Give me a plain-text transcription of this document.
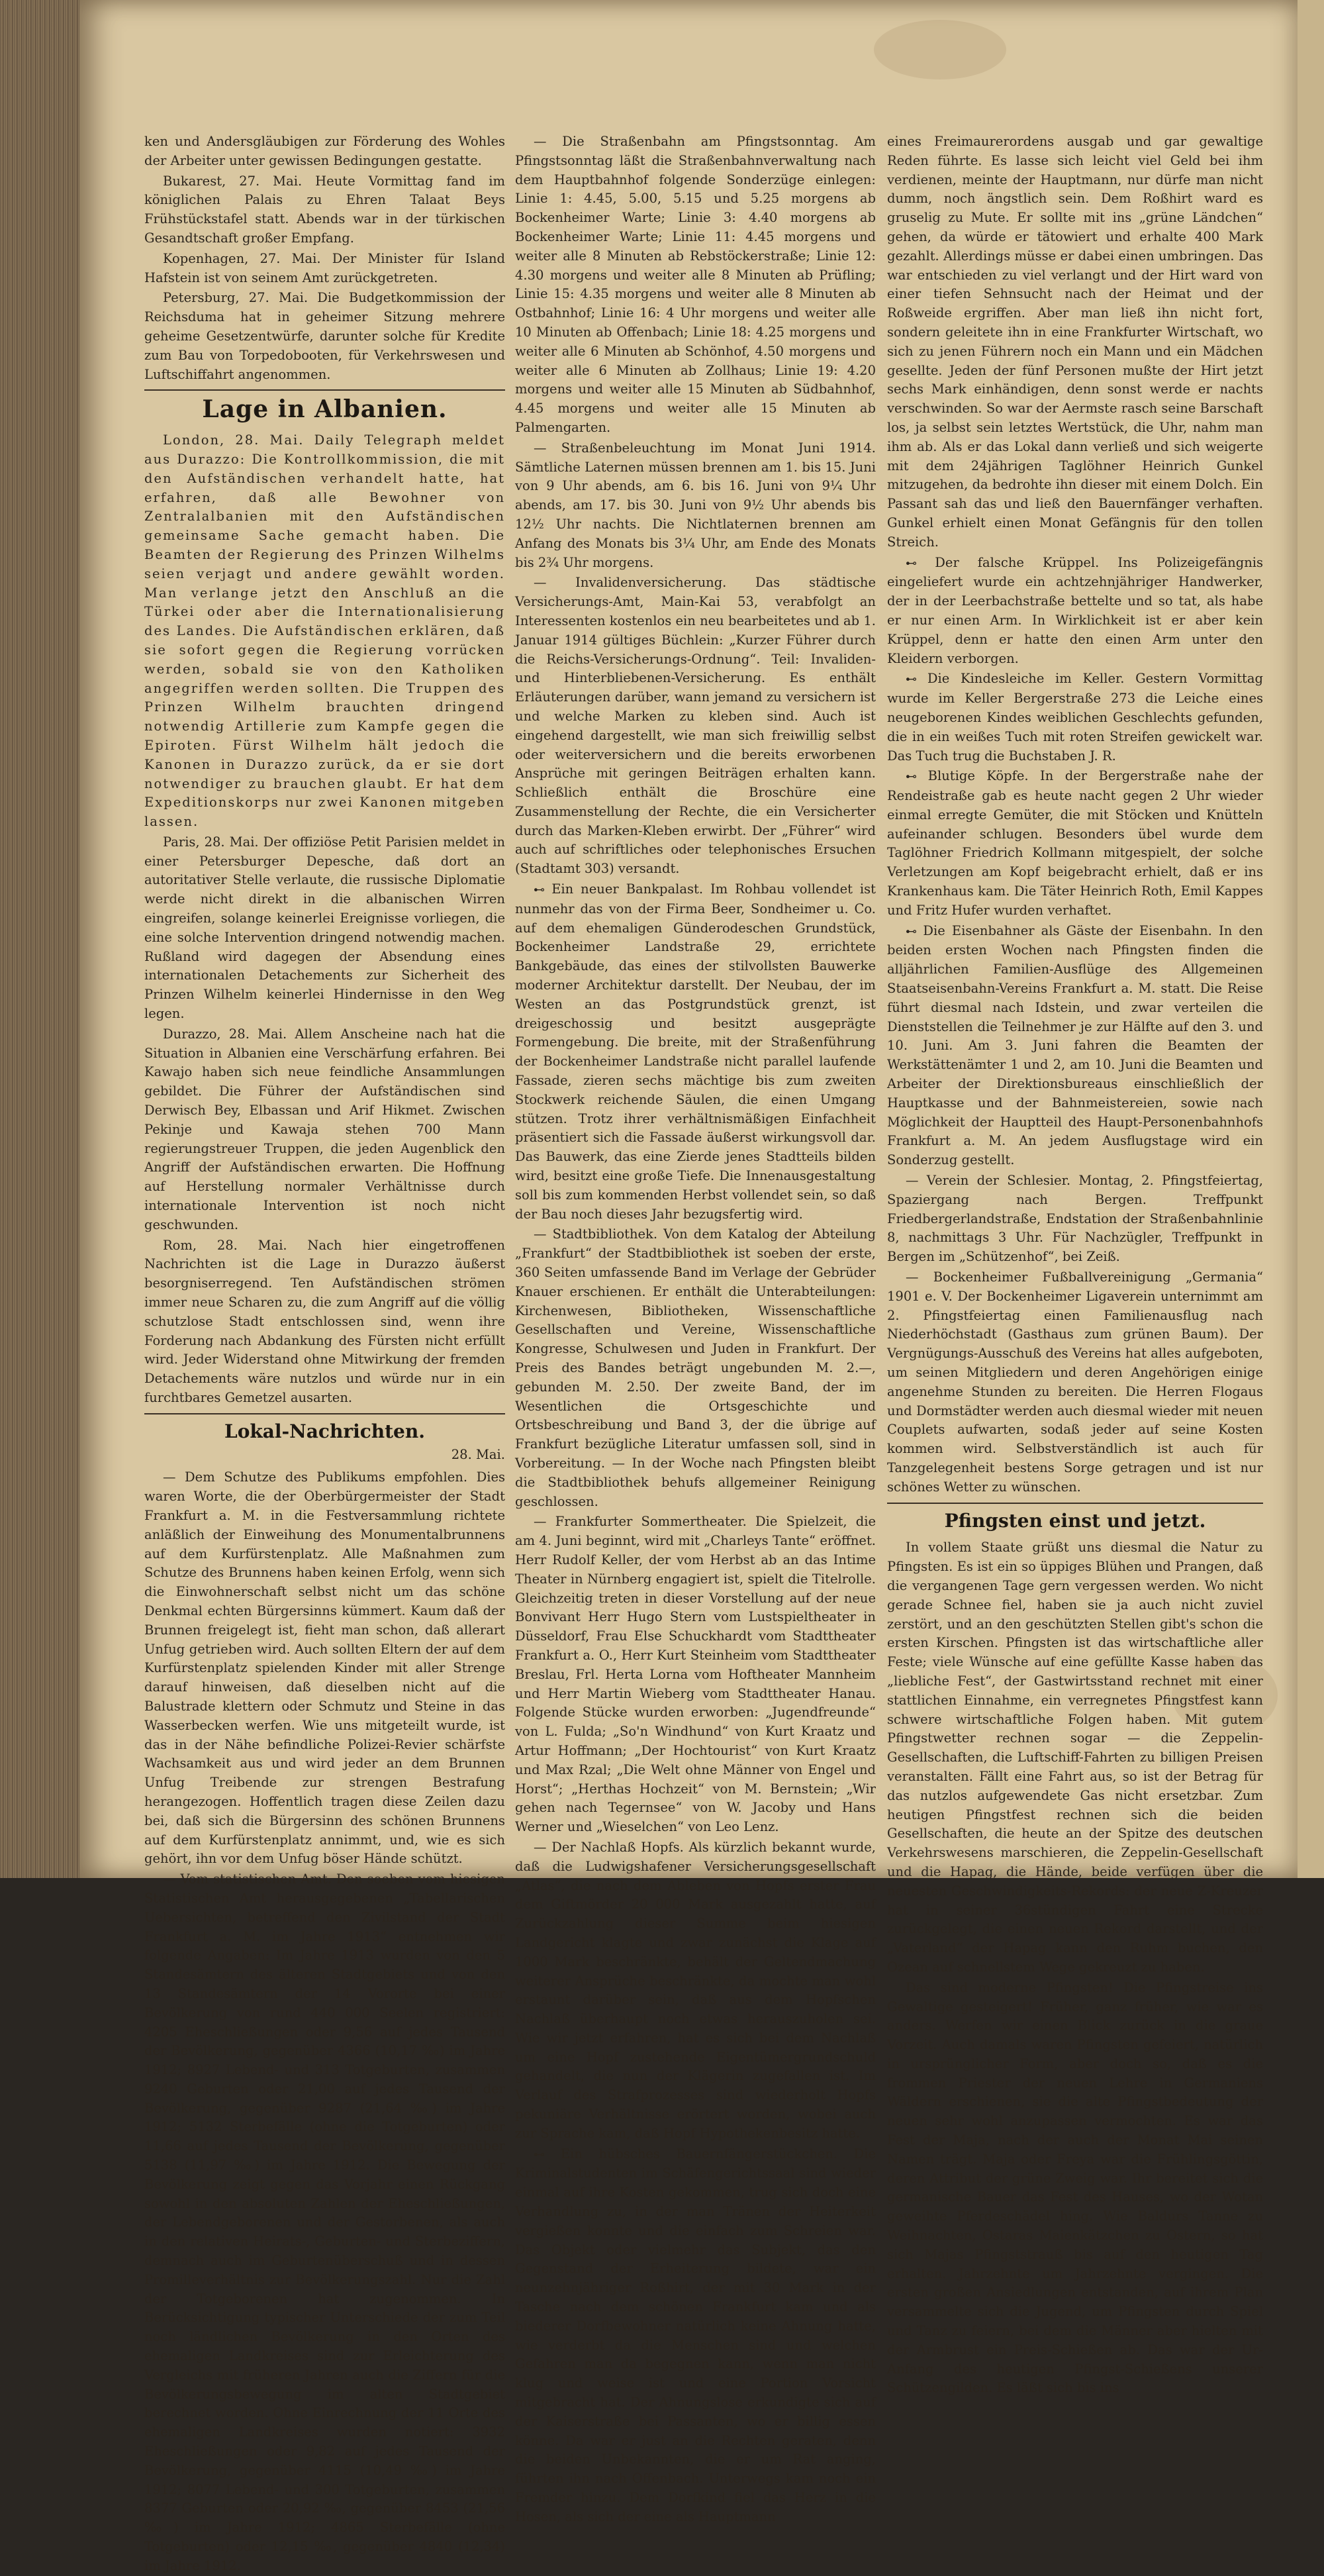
ken und Andersgläubigen zur Förderung des Wohles der Arbeiter unter gewissen Bedingungen gestatte.

Bukarest, 27. Mai. Heute Vormittag fand im königlichen Palais zu Ehren Talaat Beys Frühstückstafel statt. Abends war in der türkischen Gesandtschaft großer Empfang.

Kopenhagen, 27. Mai. Der Minister für Island Hafstein ist von seinem Amt zurückgetreten.

Petersburg, 27. Mai. Die Budgetkommission der Reichsduma hat in geheimer Sitzung mehrere geheime Gesetzentwürfe, darunter solche für Kredite zum Bau von Torpedobooten, für Verkehrswesen und Luftschiffahrt angenommen.

Lage in Albanien.

London, 28. Mai. Daily Telegraph meldet aus Durazzo: Die Kontrollkommission, die mit den Aufständischen verhandelt hatte, hat erfahren, daß alle Bewohner von Zentralalbanien mit den Aufständischen gemeinsame Sache gemacht haben. Die Beamten der Regierung des Prinzen Wilhelms seien verjagt und andere gewählt worden. Man verlange jetzt den Anschluß an die Türkei oder aber die Internationalisierung des Landes. Die Aufständischen erklären, daß sie sofort gegen die Regierung vorrücken werden, sobald sie von den Katholiken angegriffen werden sollten. Die Truppen des Prinzen Wilhelm brauchten dringend notwendig Artillerie zum Kampfe gegen die Epiroten. Fürst Wilhelm hält jedoch die Kanonen in Durazzo zurück, da er sie dort notwendiger zu brauchen glaubt. Er hat dem Expeditionskorps nur zwei Kanonen mitgeben lassen.

Paris, 28. Mai. Der offiziöse Petit Parisien meldet in einer Petersburger Depesche, daß dort an autoritativer Stelle verlaute, die russische Diplomatie werde nicht direkt in die albanischen Wirren eingreifen, solange keinerlei Ereignisse vorliegen, die eine solche Intervention dringend notwendig machen. Rußland wird dagegen der Absendung eines internationalen Detachements zur Sicherheit des Prinzen Wilhelm keinerlei Hindernisse in den Weg legen.

Durazzo, 28. Mai. Allem Anscheine nach hat die Situation in Albanien eine Verschärfung erfahren. Bei Kawajo haben sich neue feindliche Ansammlungen gebildet. Die Führer der Aufständischen sind Derwisch Bey, Elbassan und Arif Hikmet. Zwischen Pekinje und Kawaja stehen 700 Mann regierungstreuer Truppen, die jeden Augenblick den Angriff der Aufständischen erwarten. Die Hoffnung auf Herstellung normaler Verhältnisse durch internationale Intervention ist noch nicht geschwunden.

Rom, 28. Mai. Nach hier eingetroffenen Nachrichten ist die Lage in Durazzo äußerst besorgniserregend. Ten Aufständischen strömen immer neue Scharen zu, die zum Angriff auf die völlig schutzlose Stadt entschlossen sind, wenn ihre Forderung nach Abdankung des Fürsten nicht erfüllt wird. Jeder Widerstand ohne Mitwirkung der fremden Detachements wäre nutzlos und würde nur in ein furchtbares Gemetzel ausarten.

Lokal-Nachrichten.
28. Mai.

— Dem Schutze des Publikums empfohlen. Dies waren Worte, die der Oberbürgermeister der Stadt Frankfurt a. M. in die Festversammlung richtete anläßlich der Einweihung des Monumentalbrunnens auf dem Kurfürstenplatz. Alle Maßnahmen zum Schutze des Brunnens haben keinen Erfolg, wenn sich die Einwohnerschaft selbst nicht um das schöne Denkmal echten Bürgersinns kümmert. Kaum daß der Brunnen freigelegt ist, fieht man schon, daß allerart Unfug getrieben wird. Auch sollten Eltern der auf dem Kurfürstenplatz spielenden Kinder mit aller Strenge darauf hinweisen, daß dieselben nicht auf die Balustrade klettern oder Schmutz und Steine in das Wasserbecken werfen. Wie uns mitgeteilt wurde, ist das in der Nähe befindliche Polizei-Revier schärfste Wachsamkeit aus und wird jeder an dem Brunnen Unfug Treibende zur strengen Bestrafung herangezogen. Hoffentlich tragen diese Zeilen dazu bei, daß sich die Bürgersinn des schönen Brunnens auf dem Kurfürstenplatz annimmt, und, wie es sich gehört, ihn vor dem Unfug böser Hände schützt.

— Vom statistischen Amt. Den soeben vom hiesigen Statistischen Amt herausgegebenen „Tabellarischen Uebersichten, betreffend den Zivilstand der Stadt Frankfurt a. M. im Jahre 1913“ entnehmen wir folgende Angaben: Im Jahre 1913 wurden von den 5 Standesämtern des älteren Stadtgebiets und von den 13 Standesämtern der 14 Vororte bei einer Bevölkerung von rund 440 000 Seelen registriert: 4205 Eheschließungen oder 9,56 auf jedes Tausend der Bevölkerung, gegenüber 4366 (10,17 ‰) im Jahre 1912; 8927 Lebend- und 313 Totgeburten, zusammen 9240 Geburten oder 21,00 auf jedes Tausend der Bevölkerung, gegenüber 9287 (21,64 ‰) im Jahre 1912; 5132 Sterbefälle (ohne die Totgeburten) oder 11,66 auf jedes Tausend der Bevölkerung, gegenüber 5138 (11,97 ‰) im Jahre 1912. Die Bewegung der Bevölkerung zeigt gegen das Vorjahr einen Rückgang sowohl in den absoluten Zahlen der Eheschließungen, der Lebendgeborenen und der Gestorbenen, als auch in den relativen Heirats-, Geburten- und Sterbeziffern, demnach auch im Geburtenüberschuß und in dessen Promilleverhältnis zur Bevölkerungszahl. Nur die Zahl der Totgeborenen hat zugenommen. In Berücksichtigung typischer Unterschiede der zum Teil noch ländlichen Bevölkerung in den Orten des ehemaligen Landkreises sind zur Erleichterung des Vergleichs mit früheren Jahren auch die Ziffern für die Bevölkerungsbewegung im alten Stadtgebiet berechnet worden. Ohne Einrechnung der 11 Orte des ehemaligen Landkreises wurden notiert: 3932 Eheschließungen oder 9,82 auf jedes Tausend der Bevölkerung, gegenüber 4115 (10,49 ‰) im Jahre 1912; 8077 Lebend- und 300 Totgeburten, zusammen 8377 Geburten oder 20,92 ‰, gegenüber 8453 (21,56 ‰) im Jahre 1912; 4865 Sterbefälle (ohne Totgeburten) oder 12,15 ‰, gegenüber 4840 (12,34) im Jahre 1912.

— Die Straßenbahn am Pfingstsonntag. Am Pfingstsonntag läßt die Straßenbahnverwaltung nach dem Hauptbahnhof folgende Sonderzüge einlegen: Linie 1: 4.45, 5.00, 5.15 und 5.25 morgens ab Bockenheimer Warte; Linie 3: 4.40 morgens ab Bockenheimer Warte; Linie 11: 4.45 morgens und weiter alle 8 Minuten ab Rebstöckerstraße; Linie 12: 4.30 morgens und weiter alle 8 Minuten ab Prüfling; Linie 15: 4.35 morgens und weiter alle 8 Minuten ab Ostbahnhof; Linie 16: 4 Uhr morgens und weiter alle 10 Minuten ab Offenbach; Linie 18: 4.25 morgens und weiter alle 6 Minuten ab Schönhof, 4.50 morgens und weiter alle 6 Minuten ab Zollhaus; Linie 19: 4.20 morgens und weiter alle 15 Minuten ab Südbahnhof, 4.45 morgens und weiter alle 15 Minuten ab Palmengarten.

— Straßenbeleuchtung im Monat Juni 1914. Sämtliche Laternen müssen brennen am 1. bis 15. Juni von 9 Uhr abends, am 6. bis 16. Juni von 9¼ Uhr abends, am 17. bis 30. Juni von 9½ Uhr abends bis 12½ Uhr nachts. Die Nichtlaternen brennen am Anfang des Monats bis 3¼ Uhr, am Ende des Monats bis 2¾ Uhr morgens.

— Invalidenversicherung. Das städtische Versicherungs-Amt, Main-Kai 53, verabfolgt an Interessenten kostenlos ein neu bearbeitetes und ab 1. Januar 1914 gültiges Büchlein: „Kurzer Führer durch die Reichs-Versicherungs-Ordnung“. Teil: Invaliden- und Hinterbliebenen-Versicherung. Es enthält Erläuterungen darüber, wann jemand zu versichern ist und welche Marken zu kleben sind. Auch ist eingehend dargestellt, wie man sich freiwillig selbst oder weiterversichern und die bereits erworbenen Ansprüche mit geringen Beiträgen erhalten kann. Schließlich enthält die Broschüre eine Zusammenstellung der Rechte, die ein Versicherter durch das Marken-Kleben erwirbt. Der „Führer“ wird auch auf schriftliches oder telephonisches Ersuchen (Stadtamt 303) versandt.

⊷ Ein neuer Bankpalast. Im Rohbau vollendet ist nunmehr das von der Firma Beer, Sondheimer u. Co. auf dem ehemaligen Günderodeschen Grundstück, Bockenheimer Landstraße 29, errichtete Bankgebäude, das eines der stilvollsten Bauwerke moderner Architektur darstellt. Der Neubau, der im Westen an das Postgrundstück grenzt, ist dreigeschossig und besitzt ausgeprägte Formengebung. Die breite, mit der Straßenführung der Bockenheimer Landstraße nicht parallel laufende Fassade, zieren sechs mächtige bis zum zweiten Stockwerk reichende Säulen, die einen Umgang stützen. Trotz ihrer verhältnismäßigen Einfachheit präsentiert sich die Fassade äußerst wirkungsvoll dar. Das Bauwerk, das eine Zierde jenes Stadtteils bilden wird, besitzt eine große Tiefe. Die Innenausgestaltung soll bis zum kommenden Herbst vollendet sein, so daß der Bau noch dieses Jahr bezugsfertig wird.

— Stadtbibliothek. Von dem Katalog der Abteilung „Frankfurt“ der Stadtbibliothek ist soeben der erste, 360 Seiten umfassende Band im Verlage der Gebrüder Knauer erschienen. Er enthält die Unterabteilungen: Kirchenwesen, Bibliotheken, Wissenschaftliche Gesellschaften und Vereine, Wissenschaftliche Kongresse, Schulwesen und Juden in Frankfurt. Der Preis des Bandes beträgt ungebunden M. 2.—, gebunden M. 2.50. Der zweite Band, der im Wesentlichen die Ortsgeschichte und Ortsbeschreibung und Band 3, der die übrige auf Frankfurt bezügliche Literatur umfassen soll, sind in Vorbereitung. — In der Woche nach Pfingsten bleibt die Stadtbibliothek behufs allgemeiner Reinigung geschlossen.

— Frankfurter Sommertheater. Die Spielzeit, die am 4. Juni beginnt, wird mit „Charleys Tante“ eröffnet. Herr Rudolf Keller, der vom Herbst ab an das Intime Theater in Nürnberg engagiert ist, spielt die Titelrolle. Gleichzeitig treten in dieser Vorstellung auf der neue Bonvivant Herr Hugo Stern vom Lustspieltheater in Düsseldorf, Frau Else Schuckhardt vom Stadttheater Frankfurt a. O., Herr Kurt Steinheim vom Stadttheater Breslau, Frl. Herta Lorna vom Hoftheater Mannheim und Herr Martin Wieberg vom Stadttheater Hanau. Folgende Stücke wurden erworben: „Jugendfreunde“ von L. Fulda; „So'n Windhund“ von Kurt Kraatz und Artur Hoffmann; „Der Hochtourist“ von Kurt Kraatz und Max Rzal; „Die Welt ohne Männer von Engel und Horst“; „Herthas Hochzeit“ von M. Bernstein; „Wir gehen nach Tegernsee“ von W. Jacoby und Hans Werner und „Wieselchen“ von Leo Lenz.

— Der Nachlaß Hopfs. Als kürzlich bekannt wurde, daß die Ludwigshafener Versicherungsgesellschaft „Atlas“, die nach dem Ableben von Hopfs erster Frau dem Giftmörder 20 000 Mark ausgezahlt hatte, auf Zurückzahlung dieser Summe beim hiesigen Landgericht klagte und zwar zunächst die Klage auf 1000 Mark beschränkte, behält der Geltendmachung weiterer Ansprüche beschränkte, da mochte man wohl erstaunt darüber sein, daß aus dem Hopfschen Nachlaß überhaupt noch etwas herauszuholen sei. Wie wir jetzt erfahren, hat es sich bei dem Nachlaß um eine Hopf zustehende Eigentümergrundschuld gehandelt, die nun der Klägerin zugefallen ist. Im Verlauf des Strafprozesses sind wiederholt Hopfs pekuniäre Verhältnisse erörtert worden, wobei auch zur Sprache kam, daß Hopf Hypothekenbesitz hatte.

⊷ Ein hübsches Bauernfängerstückchen. Die Kriminalstudenten im Schäfengerichtssaal sind wieder einmal auf ihre Kosten gekommen, trug sich doch eine Verhandlung zu, in der man Tränen der Heiterkeit vergießen konnte und die einfach zum Schreien war. Das Objekt oder vielmehr das Subjekt, das den Gegenstand der Erheiterung bildete, war ein neunzehnjähriger Roßhirt, der mit 30 Mark in der Tasche nach dem schönen Frankfurt kam und als biederer Dorfbewohner natürlich keine Ahnung hatte, wie verderbt da die Menschen sind und welchen Gefahren man da begegnen kann, wenn man nicht klug und weise ist und eine Portion Vorsicht mitgebracht hat. Der Ahnungslose erkundigte sich auf der Kaiserstraße bei Passanten, wo er billig essen könne. Da war er just an die Rechten geraten, denn die beiden Unbekannten, die er um Rat anging, führten ihn nach Offenbach. Unterwegs kam noch ein Fremder hinzu. Dem Dorfkind fiel das Herz in die Hosen, als sich der eine als Hauptmann

eines Freimaurerordens ausgab und gar gewaltige Reden führte. Es lasse sich leicht viel Geld bei ihm verdienen, meinte der Hauptmann, nur dürfe man nicht dumm, noch ängstlich sein. Dem Roßhirt ward es gruselig zu Mute. Er sollte mit ins „grüne Ländchen“ gehen, da würde er tätowiert und erhalte 400 Mark gezahlt. Allerdings müsse er dabei einen umbringen. Das war entschieden zu viel verlangt und der Hirt ward von einer tiefen Sehnsucht nach der Heimat und der Roßweide ergriffen. Aber man ließ ihn nicht fort, sondern geleitete ihn in eine Frankfurter Wirtschaft, wo sich zu jenen Führern noch ein Mann und ein Mädchen gesellte. Jeden der fünf Personen mußte der Hirt jetzt sechs Mark einhändigen, denn sonst werde er nachts verschwinden. So war der Aermste rasch seine Barschaft los, ja selbst sein letztes Wertstück, die Uhr, nahm man ihm ab. Als er das Lokal dann verließ und sich weigerte mit dem 24jährigen Taglöhner Heinrich Gunkel mitzugehen, da bedrohte ihn dieser mit einem Dolch. Ein Passant sah das und ließ den Bauernfänger verhaften. Gunkel erhielt einen Monat Gefängnis für den tollen Streich.

⊷ Der falsche Krüppel. Ins Polizeigefängnis eingeliefert wurde ein achtzehnjähriger Handwerker, der in der Leerbachstraße bettelte und so tat, als habe er nur einen Arm. In Wirklichkeit ist er aber kein Krüppel, denn er hatte den einen Arm unter den Kleidern verborgen.

⊷ Die Kindesleiche im Keller. Gestern Vormittag wurde im Keller Bergerstraße 273 die Leiche eines neugeborenen Kindes weiblichen Geschlechts gefunden, die in ein weißes Tuch mit roten Streifen gewickelt war. Das Tuch trug die Buchstaben J. R.

⊷ Blutige Köpfe. In der Bergerstraße nahe der Rendeistraße gab es heute nacht gegen 2 Uhr wieder einmal erregte Gemüter, die mit Stöcken und Knütteln aufeinander schlugen. Besonders übel wurde dem Taglöhner Friedrich Kollmann mitgespielt, der solche Verletzungen am Kopf beigebracht erhielt, daß er ins Krankenhaus kam. Die Täter Heinrich Roth, Emil Kappes und Fritz Hufer wurden verhaftet.

⊷ Die Eisenbahner als Gäste der Eisenbahn. In den beiden ersten Wochen nach Pfingsten finden die alljährlichen Familien-Ausflüge des Allgemeinen Staatseisenbahn-Vereins Frankfurt a. M. statt. Die Reise führt diesmal nach Idstein, und zwar verteilen die Dienststellen die Teilnehmer je zur Hälfte auf den 3. und 10. Juni. Am 3. Juni fahren die Beamten der Werkstättenämter 1 und 2, am 10. Juni die Beamten und Arbeiter der Direktionsbureaus einschließlich der Hauptkasse und der Bahnmeistereien, sowie nach Möglichkeit der Hauptteil des Haupt-Personenbahnhofs Frankfurt a. M. An jedem Ausflugstage wird ein Sonderzug gestellt.

— Verein der Schlesier. Montag, 2. Pfingstfeiertag, Spaziergang nach Bergen. Treffpunkt Friedbergerlandstraße, Endstation der Straßenbahnlinie 8, nachmittags 3 Uhr. Für Nachzügler, Treffpunkt in Bergen im „Schützenhof“, bei Zeiß.

— Bockenheimer Fußballvereinigung „Germania“ 1901 e. V. Der Bockenheimer Ligaverein unternimmt am 2. Pfingstfeiertag einen Familienausflug nach Niederhöchstadt (Gasthaus zum grünen Baum). Der Vergnügungs-Ausschuß des Vereins hat alles aufgeboten, um seinen Mitgliedern und deren Angehörigen einige angenehme Stunden zu bereiten. Die Herren Flogaus und Dormstädter werden auch diesmal wieder mit neuen Couplets aufwarten, sodaß jeder auf seine Kosten kommen wird. Selbstverständlich ist auch für Tanzgelegenheit bestens Sorge getragen und ist nur schönes Wetter zu wünschen.

Pfingsten einst und jetzt.

In vollem Staate grüßt uns diesmal die Natur zu Pfingsten. Es ist ein so üppiges Blühen und Prangen, daß die vergangenen Tage gern vergessen werden. Wo nicht gerade Schnee fiel, haben sie ja auch nicht zuviel zerstört, und an den geschützten Stellen gibt's schon die ersten Kirschen. Pfingsten ist das wirtschaftliche aller Feste; viele Wünsche auf eine gefüllte Kasse haben das „liebliche Fest“, der Gastwirtsstand rechnet mit einer stattlichen Einnahme, ein verregnetes Pfingstfest kann schwere wirtschaftliche Folgen haben. Mit gutem Pfingstwetter rechnen sogar — die Zeppelin-Gesellschaften, die Luftschiff-Fahrten zu billigen Preisen veranstalten. Fällt eine Fahrt aus, so ist der Betrag für das nutzlos aufgewendete Gas nicht ersetzbar. Zum heutigen Pfingstfest rechnen sich die beiden Gesellschaften, die heute an der Spitze des deutschen Verkehrswesens marschieren, die Zeppelin-Gesellschaft und die Hapag, die Hände, beide verfügen über die neuesten Geschwindigkeits-Rekords: der neue Z-Kreuzer hat in seiner 36stündigen Fahrt eine Strecke zurückgelegt, die einen neuen Rekord darstellt, und der „Vaterland“ der Hapag kann den Ruhm buchen, den Ozean auf schnellstem Wege gekreuzt zu haben.

Das sind moderne Pfingsten! Die Pfingstreise ins Gewaltige gesteigert! Früher, ganz früher, wie war es anders. Werfen wir einen Blick zurück in die graue Vorzeit. Auch damals waren Pfingsten gefeiert, natürlich in ursprünglicher Form, aber doch so, daß es die frommen Priester der neuen Lehre in Germaniens Wäldern erschienen, sie die alte Pfingstbedeutung der neuen sehr wohl anzupassen vermochten. Es war das Fest der Maja, nach der auch der Monat Mai seinen Namen trägt. Maja oder Freya war die Frühlingsgöttin, deren Attribut der grüne Zweig war. Ihr bereitet sich die germanische Bauer das Fest des Hauses, wo der Wotan geweihte Pferdeschädel hing. Wie Baldurs Tanne zu Weihnachten, Ostaras Maienkätzchen zu Ostern, so hat sich Majas Pfingststrauß bis auf den heutigen Tag erhalten. Jahrzehnte um Jahrzehnte vergingen. Die ersten großen Ansiedlungen entstanden, auf ihrem Plan versammelte sich die Jugend, um Pfingsten durch Spiel und Tanz zu feiern, bei dem die Männer aber hielten mit der Armbrust ein Preis-Schießen ab. Das war der Ur-Anfang des heutigen Pfingst-Schießens unserer Schützengilden. Es läßt sich bis ins
